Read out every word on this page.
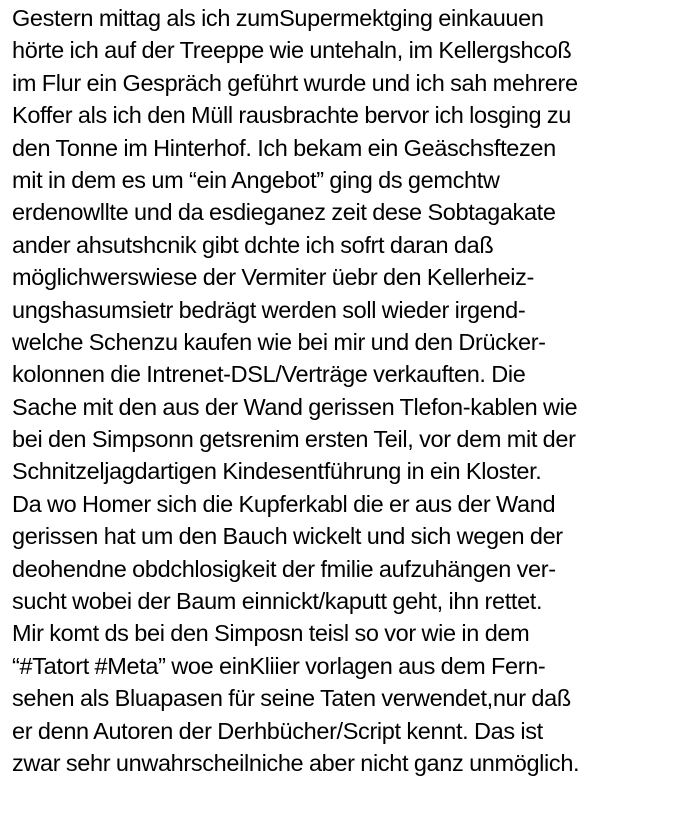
Gestern mittag als ich zumSupermektging einkauuen
hörte ich auf der Treeppe wie untehaln, im Kellergshcoß
im Flur ein Gespräch geführt wurde und ich sah mehrere
Koffer als ich den Müll rausbrachte bervor ich losging zu
den Tonne im Hinterhof. Ich bekam ein Geäschsftezen
mit in dem es um “ein Angebot” ging ds gemchtw
erdenowllte und da esdieganez zeit dese Sobtagakate
ander ahsutshcnik gibt dchte ich sofrt daran daß
möglichwerswiese der Vermiter üebr den Kellerheiz-
ungshasumsietr bedrägt werden soll wieder irgend-
welche Schenzu kaufen wie bei mir und den Drücker-
kolonnen die Intrenet-DSL/Verträge verkauften. Die
Sache mit den aus der Wand gerissen Tlefon-kablen wie
bei den Simpsonn getsrenim ersten Teil, vor dem mit der
Schnitzeljagdartigen Kindesentführung in ein Kloster.
Da wo Homer sich die Kupferkabl die er aus der Wand
gerissen hat um den Bauch wickelt und sich wegen der
deohendne obdchlosigkeit der fmilie aufzuhängen ver-
sucht wobei der Baum einnickt/kaputt geht, ihn rettet.
Mir komt ds bei den Simposn teisl so vor wie in dem
“#Tatort #Meta” woe einKliier vorlagen aus dem Fern-
sehen als Bluapasen für seine Taten verwendet,nur daß
er denn Autoren der Derhbücher/Script kennt. Das ist
zwar sehr unwahrscheilniche aber nicht ganz unmöglich.
